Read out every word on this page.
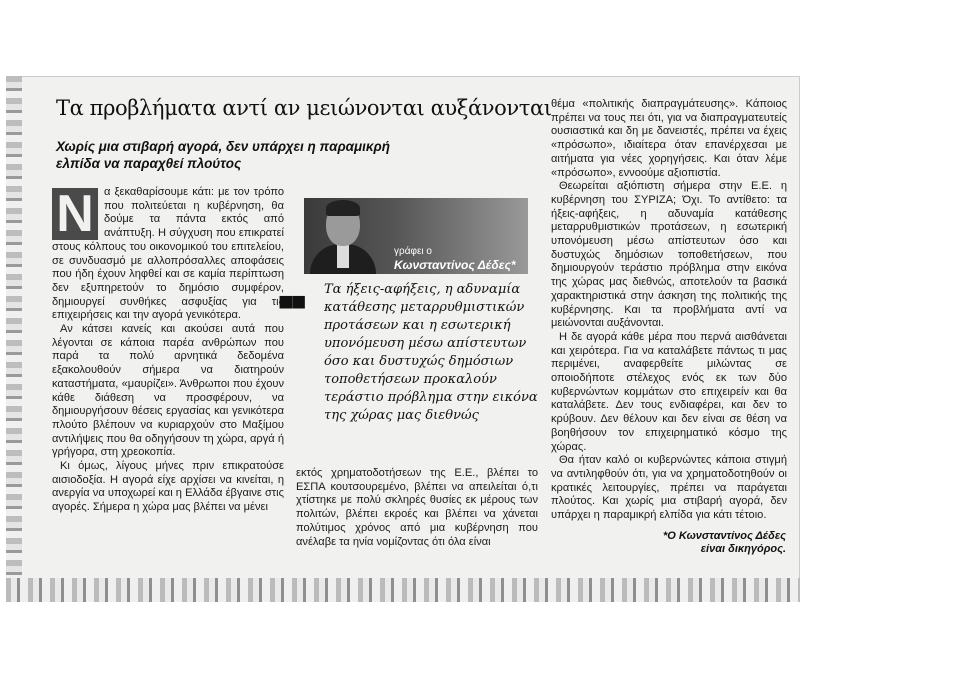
Τα προβλήματα αντί αν μειώνονται αυξάνονται
Χωρίς μια στιβαρή αγορά, δεν υπάρχει η παραμικρή ελπίδα να παραχθεί πλούτος
Ν α ξεκαθαρίσουμε κάτι: με τον τρόπο που πολιτεύεται η κυβέρνηση, θα δούμε τα πάντα εκτός από ανάπτυξη. Η σύγχυση που επικρατεί στους κόλπους του οικονομικού του επιτελείου, σε συνδυασμό με αλλοπρόσαλλες αποφάσεις που ήδη έχουν ληφθεί και σε καμία περίπτωση δεν εξυπηρετούν το δημόσιο συμφέρον, δημιουργεί συνθήκες ασφυξίας για τις επιχειρήσεις και την αγορά γενικότερα.

Αν κάτσει κανείς και ακούσει αυτά που λέγονται σε κάποια παρέα ανθρώπων που παρά τα πολύ αρνητικά δεδομένα εξακολουθούν σήμερα να διατηρούν καταστήματα, «μαυρίζει». Άνθρωποι που έχουν κάθε διάθεση να προσφέρουν, να δημιουργήσουν θέσεις εργασίας και γενικότερα πλούτο βλέπουν να κυριαρχούν στο Μαξίμου αντιλήψεις που θα οδηγήσουν τη χώρα, αργά ή γρήγορα, στη χρεοκοπία.

Κι όμως, λίγους μήνες πριν επικρατούσε αισιοδοξία. Η αγορά είχε αρχίσει να κινείται, η ανεργία να υποχωρεί και η Ελλάδα έβγαινε στις αγορές. Σήμερα η χώρα μας βλέπει να μένει

γράφει ο
Κωνσταντίνος Δέδες*
■■ Τα ήξεις-αφήξεις, η αδυναμία κατάθεσης μεταρρυθμιστικών προτάσεων και η εσωτερική υπονόμευση μέσω απίστευτων όσο και δυστυχώς δημόσιων τοποθετήσεων προκαλούν τεράστιο πρόβλημα στην εικόνα της χώρας μας διεθνώς

εκτός χρηματοδοτήσεων της Ε.Ε., βλέπει το ΕΣΠΑ κουτσουρεμένο, βλέπει να απειλείται ό,τι χτίστηκε με πολύ σκληρές θυσίες εκ μέρους των πολιτών, βλέπει εκροές και βλέπει να χάνεται πολύτιμος χρόνος από μια κυβέρνηση που ανέλαβε τα ηνία νομίζοντας ότι όλα είναι

θέμα «πολιτικής διαπραγμάτευσης». Κάποιος πρέπει να τους πει ότι, για να διαπραγματευτείς ουσιαστικά και δη με δανειστές, πρέπει να έχεις «πρόσωπο», ιδιαίτερα όταν επανέρχεσαι με αιτήματα για νέες χορηγήσεις. Και όταν λέμε «πρόσωπο», εννοούμε αξιοπιστία.

Θεωρείται αξιόπιστη σήμερα στην Ε.Ε. η κυβέρνηση του ΣΥΡΙΖΑ; Όχι. Το αντίθετο: τα ήξεις-αφήξεις, η αδυναμία κατάθεσης μεταρρυθμιστικών προτάσεων, η εσωτερική υπονόμευση μέσω απίστευτων όσο και δυστυχώς δημόσιων τοποθετήσεων, που δημιουργούν τεράστιο πρόβλημα στην εικόνα της χώρας μας διεθνώς, αποτελούν τα βασικά χαρακτηριστικά στην άσκηση της πολιτικής της κυβέρνησης. Και τα προβλήματα αντί να μειώνονται αυξάνονται.

Η δε αγορά κάθε μέρα που περνά αισθάνεται και χειρότερα. Για να καταλάβετε πάντως τι μας περιμένει, αναφερθείτε μιλώντας σε οποιοδήποτε στέλεχος ενός εκ των δύο κυβερνώντων κομμάτων στο επιχειρείν και θα καταλάβετε. Δεν τους ενδιαφέρει, και δεν το κρύβουν. Δεν θέλουν και δεν είναι σε θέση να βοηθήσουν τον επιχειρηματικό κόσμο της χώρας.

Θα ήταν καλό οι κυβερνώντες κάποια στιγμή να αντιληφθούν ότι, για να χρηματοδοτηθούν οι κρατικές λειτουργίες, πρέπει να παράγεται πλούτος. Και χωρίς μια στιβαρή αγορά, δεν υπάρχει η παραμικρή ελπίδα για κάτι τέτοιο.

*Ο Κωνσταντίνος Δέδες
είναι δικηγόρος.
